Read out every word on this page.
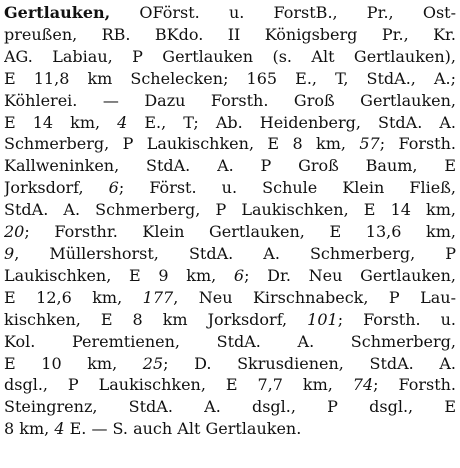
Gertlauken, OFörst. u. ForstB., Pr., Ost-
preußen, RB. BKdo. II Königsberg Pr., Kr.
AG. Labiau, P Gertlauken (s. Alt Gertlauken),
E 11,8 km Schelecken; 165 E., T, StdA., A.;
Köhlerei. — Dazu Forsth. Groß Gertlauken,
E 14 km, 4 E., T; Ab. Heidenberg, StdA. A.
Schmerberg, P Laukischken, E 8 km, 57; Forsth.
Kallweninken, StdA. A. P Groß Baum, E
Jorksdorf, 6; Först. u. Schule Klein Fließ,
StdA. A. Schmerberg, P Laukischken, E 14 km,
20; Forsthr. Klein Gertlauken, E 13,6 km,
9, Müllershorst, StdA. A. Schmerberg, P
Laukischken, E 9 km, 6; Dr. Neu Gertlauken,
E 12,6 km, 177, Neu Kirschnabeck, P Lau-
kischken, E 8 km Jorksdorf, 101; Forsth. u.
Kol. Peremtienen, StdA. A. Schmerberg,
E 10 km, 25; D. Skrusdienen, StdA. A.
dsgl., P Laukischken, E 7,7 km, 74; Forsth.
Steingrenz, StdA. A. dsgl., P dsgl., E
8 km, 4 E. — S. auch Alt Gertlauken.
